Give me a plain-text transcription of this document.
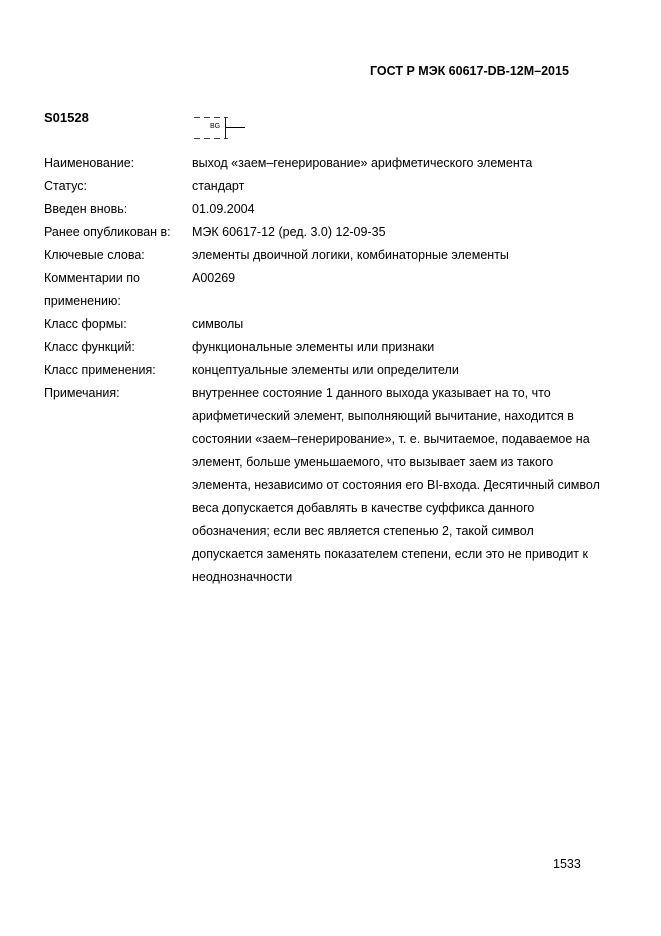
ГОСТ Р МЭК 60617-DB-12M–2015
S01528
BG
Наименование:	выход «заем–генерирование» арифметического элемента
Статус:	стандарт
Введен вновь:	01.09.2004
Ранее опубликован в:	МЭК 60617-12 (ред. 3.0) 12-09-35
Ключевые слова:	элементы двоичной логики, комбинаторные элементы
Комментарии по применению:
A00269
Класс формы:	символы
Класс функций:	функциональные элементы или признаки
Класс применения:	концептуальные элементы или определители
Примечания:	внутреннее состояние 1 данного выхода указывает на то, что арифметический элемент, выполняющий вычитание, находится в состоянии «заем–генерирование», т. е. вычитаемое, подаваемое на элемент, больше уменьшаемого, что вызывает заем из такого элемента, независимо от состояния его BI-входа. Десятичный символ веса допускается добавлять в качестве суффикса данного обозначения; если вес является степенью 2, такой символ допускается заменять показателем степени, если это не приводит к неоднозначности
1533
